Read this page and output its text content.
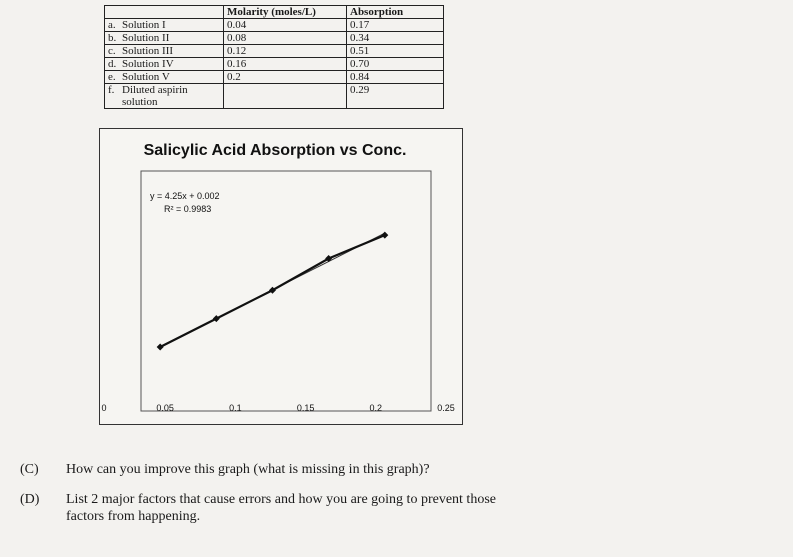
	Molarity (moles/L)	Absorption
a. Solution I	0.04	0.17
b. Solution II	0.08	0.34
c. Solution III	0.12	0.51
d. Solution IV	0.16	0.70
e. Solution V	0.2	0.84

f. Diluted aspirin solution		0.29
Salicylic Acid Absorption vs Conc.
y = 4.25x + 0.002
R² = 0.9983
0	0.05	0.1	0.15	0.2	0.25
(C) How can you improve this graph (what is missing in this graph)?
(D) List 2 major factors that cause errors and how you are going to prevent those factors from happening.
